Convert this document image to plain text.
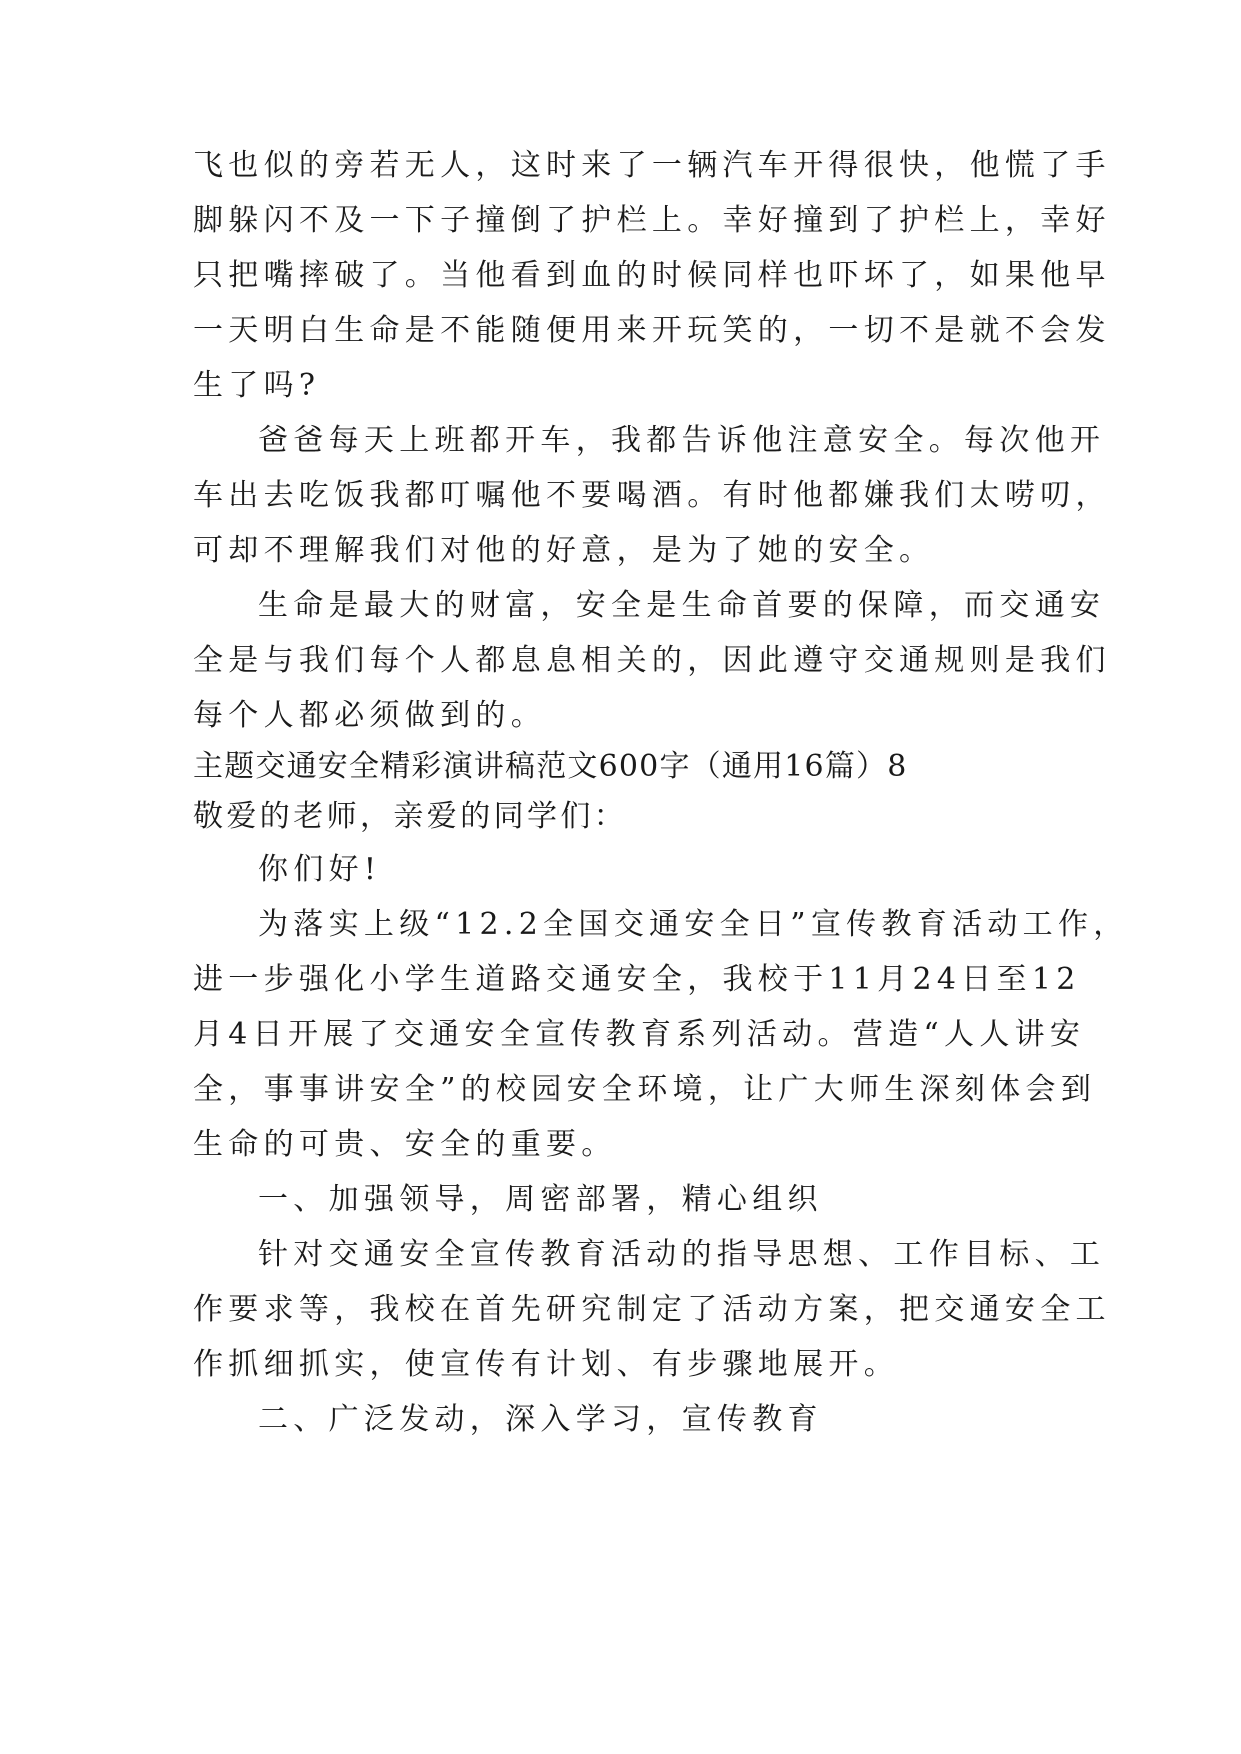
飞也似的旁若无人，这时来了一辆汽车开得很快，他慌了手
脚躲闪不及一下子撞倒了护栏上。幸好撞到了护栏上，幸好
只把嘴摔破了。当他看到血的时候同样也吓坏了，如果他早
一天明白生命是不能随便用来开玩笑的，一切不是就不会发
生了吗?
爸爸每天上班都开车，我都告诉他注意安全。每次他开
车出去吃饭我都叮嘱他不要喝酒。有时他都嫌我们太唠叨，
可却不理解我们对他的好意，是为了她的安全。
生命是最大的财富，安全是生命首要的保障，而交通安
全是与我们每个人都息息相关的，因此遵守交通规则是我们
每个人都必须做到的。
主题交通安全精彩演讲稿范文600字（通用16篇）8
敬爱的老师，亲爱的同学们：
你们好!
为落实上级“12.2全国交通安全日”宣传教育活动工作，
进一步强化小学生道路交通安全，我校于11月24日至12
月4日开展了交通安全宣传教育系列活动。营造“人人讲安
全，事事讲安全”的校园安全环境，让广大师生深刻体会到
生命的可贵、安全的重要。
一、加强领导，周密部署，精心组织
针对交通安全宣传教育活动的指导思想、工作目标、工
作要求等，我校在首先研究制定了活动方案，把交通安全工
作抓细抓实，使宣传有计划、有步骤地展开。
二、广泛发动，深入学习，宣传教育
